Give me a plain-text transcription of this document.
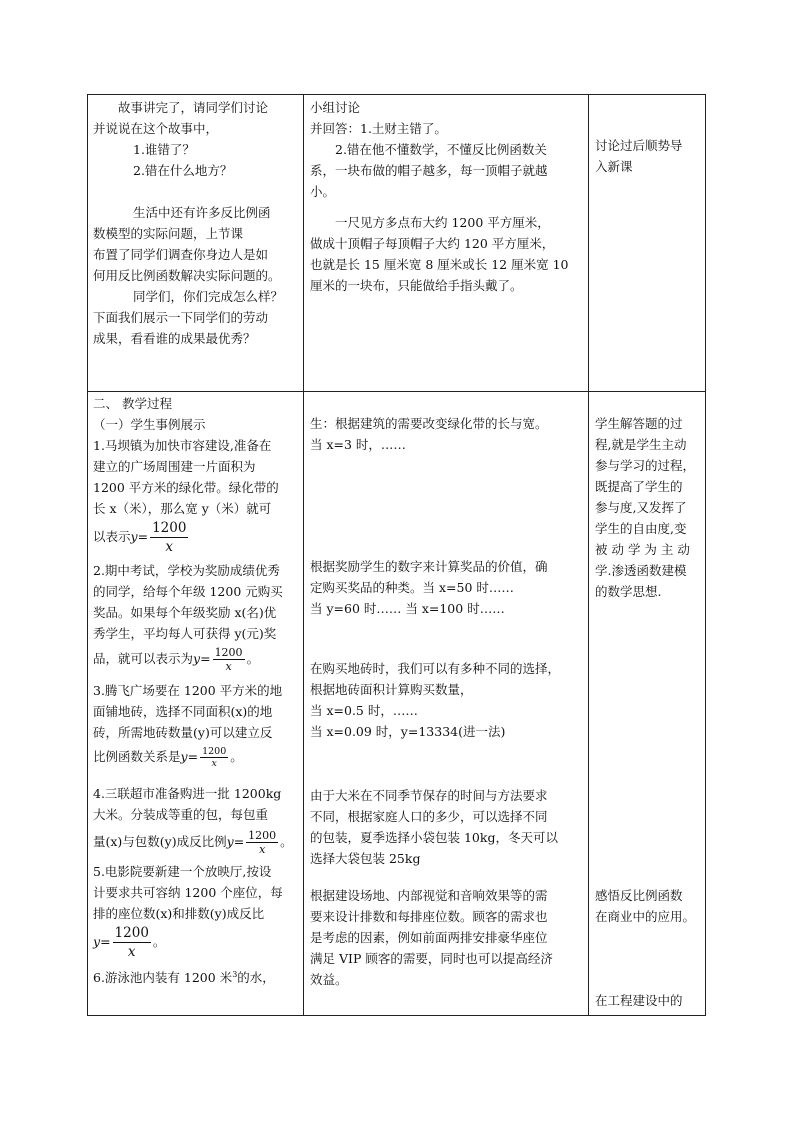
故事讲完了，请同学们讨论

并说说在这个故事中，

1.谁错了？

2.错在什么地方？

生活中还有许多反比例函

数模型的实际问题，上节课

布置了同学们调查你身边人是如

何用反比例函数解决实际问题的。

同学们，你们完成怎么样？

下面我们展示一下同学们的劳动

成果，看看谁的成果最优秀？

小组讨论

并回答：1.土财主错了。

2.错在他不懂数学，不懂反比例函数关

系，一块布做的帽子越多，每一顶帽子就越

小。

一尺见方多点布大约 1200 平方厘米，

做成十顶帽子每顶帽子大约 120 平方厘米，

也就是长 15 厘米宽 8 厘米或长 12 厘米宽 10

厘米的一块布，只能做给手指头戴了。

讨论过后顺势导

入新课

二、 教学过程

（一）学生事例展示

1.马坝镇为加快市容建设,准备在

建立的广场周围建一片面积为

1200 平方米的绿化带。绿化带的

长 x（米），那么宽 y（米）就可

以表示$y= \frac{1200}{x}$

2.期中考试，学校为奖励成绩优秀

的同学，给每个年级 1200 元购买

奖品。如果每个年级奖励 x(名)优

秀学生，平均每人可获得 y(元)奖

品，就可以表示为$y= \frac{1200}{x}$ 。

3.腾飞广场要在 1200 平方米的地

面铺地砖，选择不同面积(x)的地

砖，所需地砖数量(y)可以建立反

比例函数关系是$y= \frac{1200}{x}$ 。

4.三联超市准备购进一批 1200kg

大米。分装成等重的包，每包重

量(x)与包数(y)成反比例$y= \frac{1200}{x}$ 。

5.电影院要新建一个放映厅,按设

计要求共可容纳 1200 个座位，每

排的座位数(x)和排数(y)成反比

$y= \frac{1200}{x}$ 。

6.游泳池内装有 1200 米$^3$的水，

生：根据建筑的需要改变绿化带的长与宽。

当 x=3 时，……

根据奖励学生的数字来计算奖品的价值，确

定购买奖品的种类。当 x=50 时……

当 y=60 时…… 当 x=100 时……

在购买地砖时，我们可以有多种不同的选择，

根据地砖面积计算购买数量，

当 x=0.5 时，……

当 x=0.09 时，y=13334(进一法)

由于大米在不同季节保存的时间与方法要求

不同，根据家庭人口的多少，可以选择不同

的包装，夏季选择小袋包装 10kg，冬天可以

选择大袋包装 25kg

根据建设场地、内部视觉和音响效果等的需

要来设计排数和每排座位数。顾客的需求也

是考虑的因素，例如前面两排安排豪华座位

满足 VIP 顾客的需要，同时也可以提高经济

效益。

学生解答题的过

程,就是学生主动

参与学习的过程，

既提高了学生的

参与度,又发挥了

学生的自由度,变

被 动 学 为 主 动

学.渗透函数建模

的数学思想.

感悟反比例函数

在商业中的应用。

在工程建设中的
